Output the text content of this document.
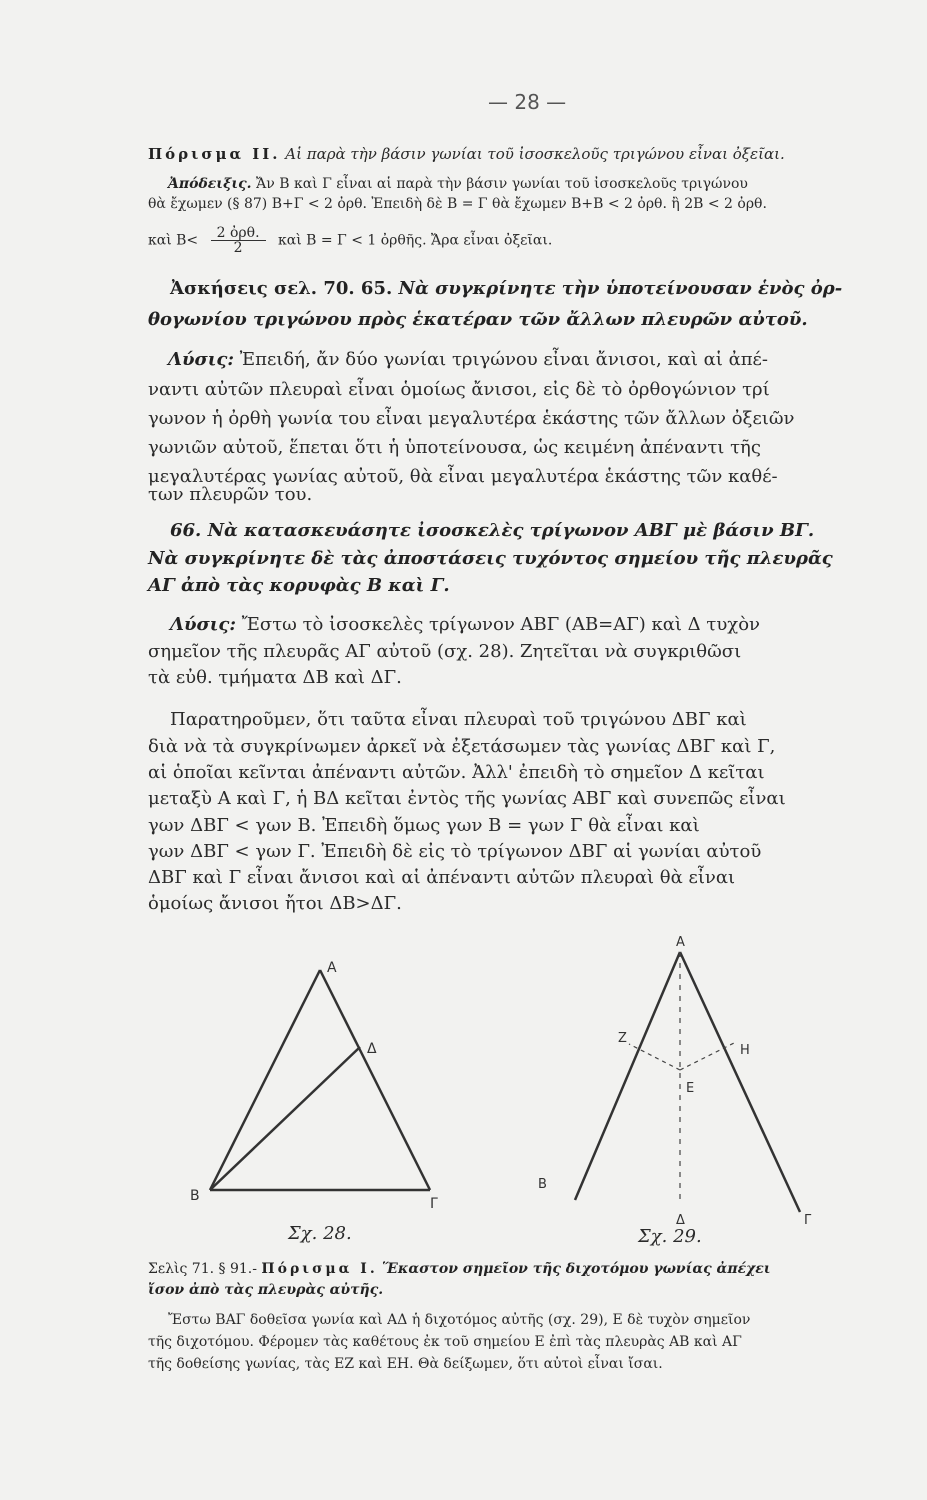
— 28 —
Πόρισμα II. Αἱ παρὰ τὴν βάσιν γωνίαι τοῦ ἰσοσκελοῦς τριγώνου εἶναι ὀξεῖαι.
Ἀπόδειξις. Ἄν Β καὶ Γ εἶναι αἱ παρὰ τὴν βάσιν γωνίαι τοῦ ἰσοσκελοῦς τριγώνου
θὰ ἔχωμεν (§ 87) Β+Γ < 2 ὀρθ. Ἐπειδὴ δὲ Β = Γ θὰ ἔχωμεν Β+Β < 2 ὀρθ. ἢ 2Β < 2 ὀρθ.
καὶ Β<	2 ὀρθ.
2	καὶ Β = Γ < 1 ὀρθῆς. Ἄρα εἶναι ὀξεῖαι.
Ἀσκήσεις σελ. 70. 65. Νὰ συγκρίνητε τὴν ὑποτείνουσαν ἑνὸς ὀρ-
θογωνίου τριγώνου πρὸς ἑκατέραν τῶν ἄλλων πλευρῶν αὐτοῦ.
Λύσις: Ἐπειδή, ἄν δύο γωνίαι τριγώνου εἶναι ἄνισοι, καὶ αἱ ἀπέ-
ναντι αὐτῶν πλευραὶ εἶναι ὁμοίως ἄνισοι, εἰς δὲ τὸ ὀρθογώνιον τρί
γωνον ἡ ὀρθὴ γωνία του εἶναι μεγαλυτέρα ἑκάστης τῶν ἄλλων ὀξειῶν
γωνιῶν αὐτοῦ, ἕπεται ὅτι ἡ ὑποτείνουσα, ὡς κειμένη ἀπέναντι τῆς
μεγαλυτέρας γωνίας αὐτοῦ, θὰ εἶναι μεγαλυτέρα ἑκάστης τῶν καθέ-
των πλευρῶν του.
66. Νὰ κατασκευάσητε ἰσοσκελὲς τρίγωνον ΑΒΓ μὲ βάσιν ΒΓ.
Νὰ συγκρίνητε δὲ τὰς ἀποστάσεις τυχόντος σημείου τῆς πλευρᾶς
ΑΓ ἀπὸ τὰς κορυφὰς Β καὶ Γ.
Λύσις: Ἔστω τὸ ἰσοσκελὲς τρίγωνον ΑΒΓ (ΑΒ=ΑΓ) καὶ Δ τυχὸν
σημεῖον τῆς πλευρᾶς ΑΓ αὐτοῦ (σχ. 28). Ζητεῖται νὰ συγκριθῶσι
τὰ εὐθ. τμήματα ΔΒ καὶ ΔΓ.
Παρατηροῦμεν, ὅτι ταῦτα εἶναι πλευραὶ τοῦ τριγώνου ΔΒΓ καὶ
διὰ νὰ τὰ συγκρίνωμεν ἀρκεῖ νὰ ἐξετάσωμεν τὰς γωνίας ΔΒΓ καὶ Γ,
αἱ ὁποῖαι κεῖνται ἀπέναντι αὐτῶν. Ἀλλ' ἐπειδὴ τὸ σημεῖον Δ κεῖται
μεταξὺ Α καὶ Γ, ἡ ΒΔ κεῖται ἐντὸς τῆς γωνίας ΑΒΓ καὶ συνεπῶς εἶναι
γων ΔΒΓ < γων Β. Ἐπειδὴ ὅμως γων Β = γων Γ θὰ εἶναι καὶ
γων ΔΒΓ < γων Γ. Ἐπειδὴ δὲ εἰς τὸ τρίγωνον ΔΒΓ αἱ γωνίαι αὐτοῦ
ΔΒΓ καὶ Γ εἶναι ἄνισοι καὶ αἱ ἀπέναντι αὐτῶν πλευραὶ θὰ εἶναι
ὁμοίως ἄνισοι ἤτοι ΔΒ>ΔΓ.
Α
Δ
Β	Γ
Σχ. 28.
Α
Ζ
Η
Ε
Β
Δ	Γ
Σχ. 29.
Σελὶς 71. § 91.- Πόρισμα I. Ἕκαστον σημεῖον τῆς διχοτόμου γωνίας ἀπέχει
ἴσον ἀπὸ τὰς πλευρὰς αὐτῆς.
Ἔστω ΒΑΓ δοθεῖσα γωνία καὶ ΑΔ ἡ διχοτόμος αὐτῆς (σχ. 29), Ε δὲ τυχὸν σημεῖον
τῆς διχοτόμου. Φέρομεν τὰς καθέτους ἐκ τοῦ σημείου Ε ἐπὶ τὰς πλευρὰς ΑΒ καὶ ΑΓ
τῆς δοθείσης γωνίας, τὰς ΕΖ καὶ ΕΗ. Θὰ δείξωμεν, ὅτι αὐτοὶ εἶναι ἴσαι.
